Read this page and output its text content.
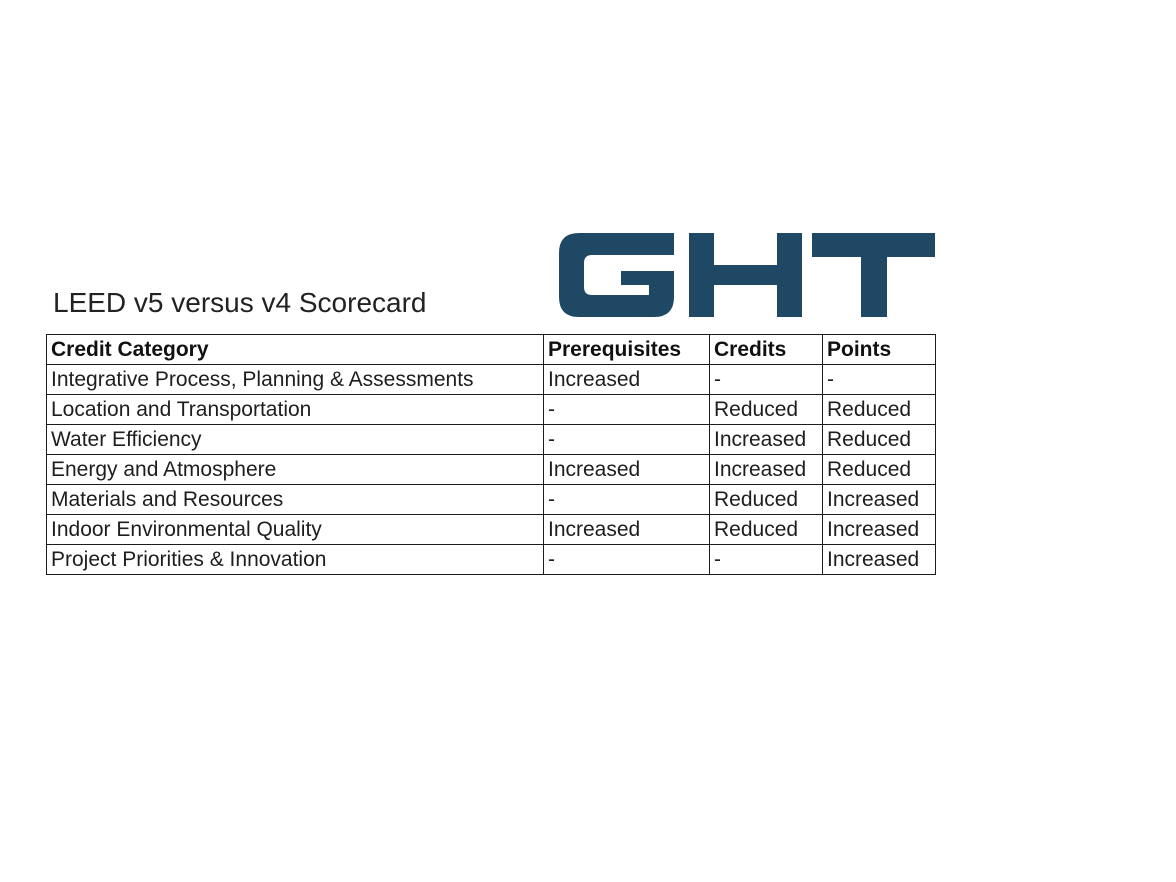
LEED v5 versus v4 Scorecard
Credit Category	Prerequisites	Credits	Points
Integrative Process, Planning & Assessments	Increased	-	-
Location and Transportation	-	Reduced	Reduced
Water Efficiency	-	Increased	Reduced
Energy and Atmosphere	Increased	Increased	Reduced
Materials and Resources	-	Reduced	Increased
Indoor Environmental Quality	Increased	Reduced	Increased
Project Priorities & Innovation	-	-	Increased
